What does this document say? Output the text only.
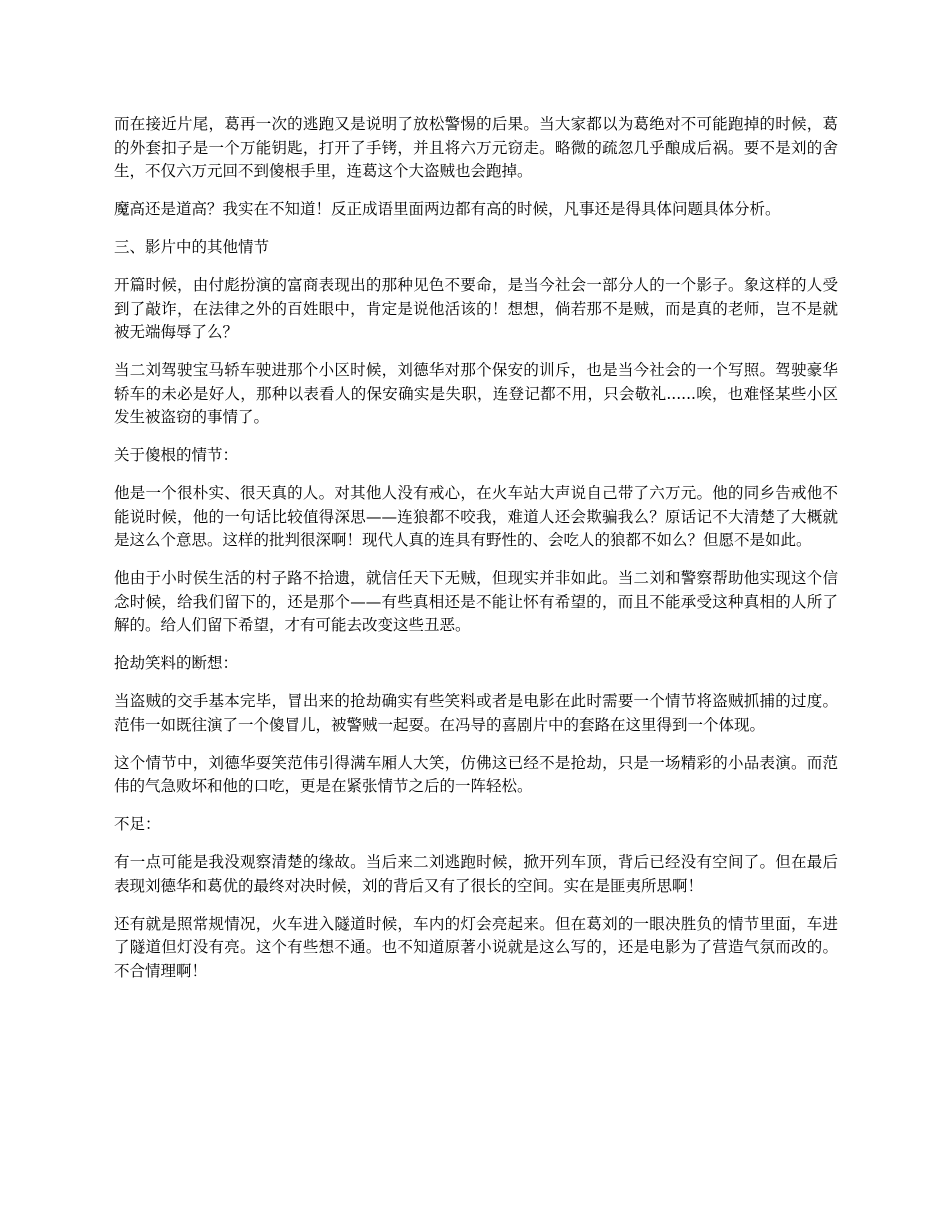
而在接近片尾，葛再一次的逃跑又是说明了放松警惕的后果。当大家都以为葛绝对不可能跑掉的时候，葛的外套扣子是一个万能钥匙，打开了手铐，并且将六万元窃走。略微的疏忽几乎酿成后祸。要不是刘的舍生，不仅六万元回不到傻根手里，连葛这个大盗贼也会跑掉。

魔高还是道高？我实在不知道！反正成语里面两边都有高的时候，凡事还是得具体问题具体分析。

三、影片中的其他情节

开篇时候，由付彪扮演的富商表现出的那种见色不要命，是当今社会一部分人的一个影子。象这样的人受到了敲诈，在法律之外的百姓眼中，肯定是说他活该的！想想，倘若那不是贼，而是真的老师，岂不是就被无端侮辱了么？

当二刘驾驶宝马轿车驶进那个小区时候，刘德华对那个保安的训斥，也是当今社会的一个写照。驾驶豪华轿车的未必是好人，那种以表看人的保安确实是失职，连登记都不用，只会敬礼......唉，也难怪某些小区发生被盗窃的事情了。

关于傻根的情节：

他是一个很朴实、很天真的人。对其他人没有戒心，在火车站大声说自己带了六万元。他的同乡告戒他不能说时候，他的一句话比较值得深思——连狼都不咬我，难道人还会欺骗我么？原话记不大清楚了大概就是这么个意思。这样的批判很深啊！现代人真的连具有野性的、会吃人的狼都不如么？但愿不是如此。

他由于小时侯生活的村子路不拾遗，就信任天下无贼，但现实并非如此。当二刘和警察帮助他实现这个信念时候，给我们留下的，还是那个——有些真相还是不能让怀有希望的，而且不能承受这种真相的人所了解的。给人们留下希望，才有可能去改变这些丑恶。

抢劫笑料的断想：

当盗贼的交手基本完毕，冒出来的抢劫确实有些笑料或者是电影在此时需要一个情节将盗贼抓捕的过度。范伟一如既往演了一个傻冒儿，被警贼一起耍。在冯导的喜剧片中的套路在这里得到一个体现。

这个情节中，刘德华耍笑范伟引得满车厢人大笑，仿佛这已经不是抢劫，只是一场精彩的小品表演。而范伟的气急败坏和他的口吃，更是在紧张情节之后的一阵轻松。

不足：

有一点可能是我没观察清楚的缘故。当后来二刘逃跑时候，掀开列车顶，背后已经没有空间了。但在最后表现刘德华和葛优的最终对决时候，刘的背后又有了很长的空间。实在是匪夷所思啊！

还有就是照常规情况，火车进入隧道时候，车内的灯会亮起来。但在葛刘的一眼决胜负的情节里面，车进了隧道但灯没有亮。这个有些想不通。也不知道原著小说就是这么写的，还是电影为了营造气氛而改的。不合情理啊！
